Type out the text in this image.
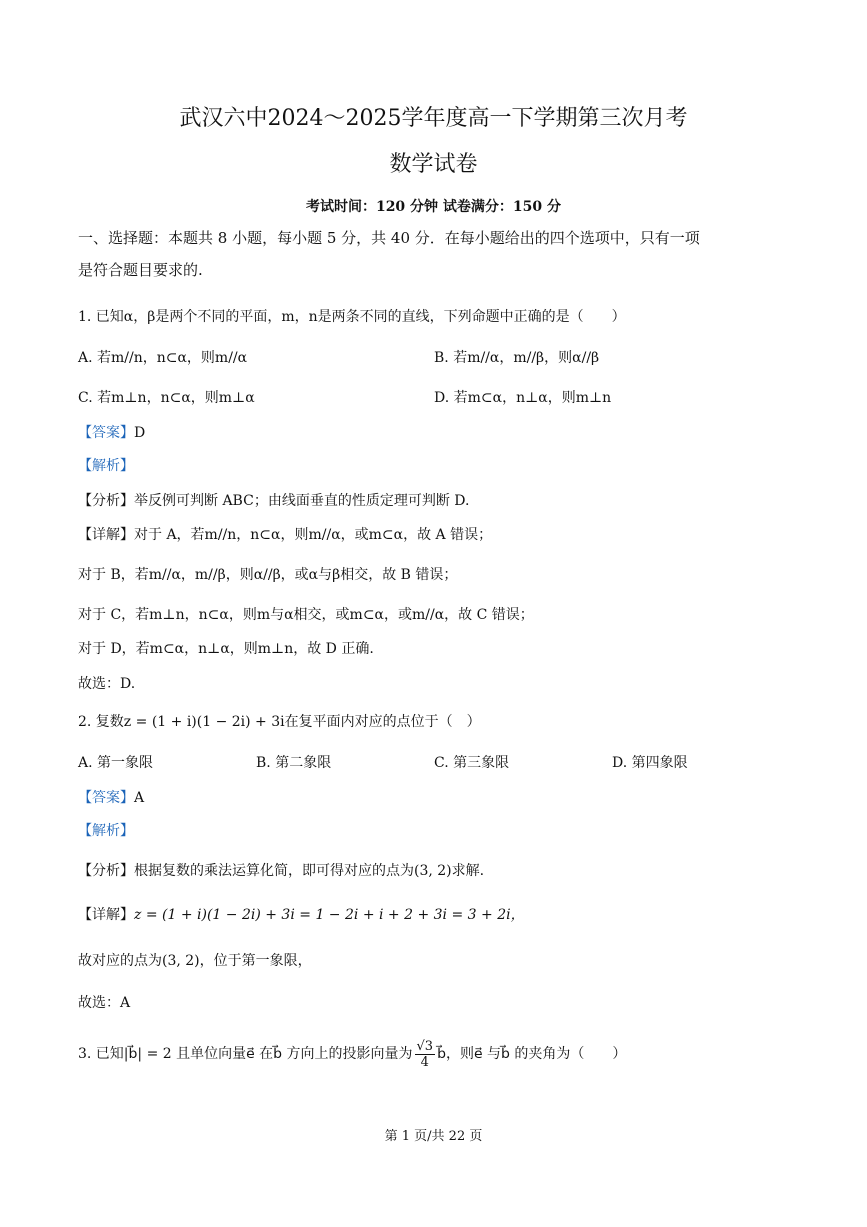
武汉六中2024～2025学年度高一下学期第三次月考
数学试卷
考试时间：120 分钟 试卷满分：150 分
一、选择题：本题共 8 小题，每小题 5 分，共 40 分．在每小题给出的四个选项中，只有一项
是符合题目要求的.
1. 已知α，β是两个不同的平面，m，n是两条不同的直线，下列命题中正确的是（　　）
A. 若m//n，n⊂α，则m//α	B. 若m//α，m//β，则α//β
C. 若m⊥n，n⊂α，则m⊥α	D. 若m⊂α，n⊥α，则m⊥n
【答案】D
【解析】
【分析】举反例可判断 ABC；由线面垂直的性质定理可判断 D.
【详解】对于 A，若m//n，n⊂α，则m//α，或m⊂α，故 A 错误；
对于 B，若m//α，m//β，则α//β，或α与β相交，故 B 错误；
对于 C，若m⊥n，n⊂α，则m与α相交，或m⊂α，或m//α，故 C 错误；
对于 D，若m⊂α，n⊥α，则m⊥n，故 D 正确.
故选：D.
2. 复数z = (1 + i)(1 − 2i) + 3i在复平面内对应的点位于（　）
A. 第一象限	B. 第二象限	C. 第三象限	D. 第四象限
【答案】A
【解析】
【分析】根据复数的乘法运算化简，即可得对应的点为(3, 2)求解.
【详解】z = (1 + i)(1 − 2i) + 3i = 1 − 2i + i + 2 + 3i = 3 + 2i，
故对应的点为(3, 2)，位于第一象限，
故选：A
3. 已知|b⃗| = 2 且单位向量e⃗ 在b⃗ 方向上的投影向量为 $\frac{√3}{4}$ b⃗，则e⃗ 与b⃗ 的夹角为（　　）
第 1 页/共 22 页
